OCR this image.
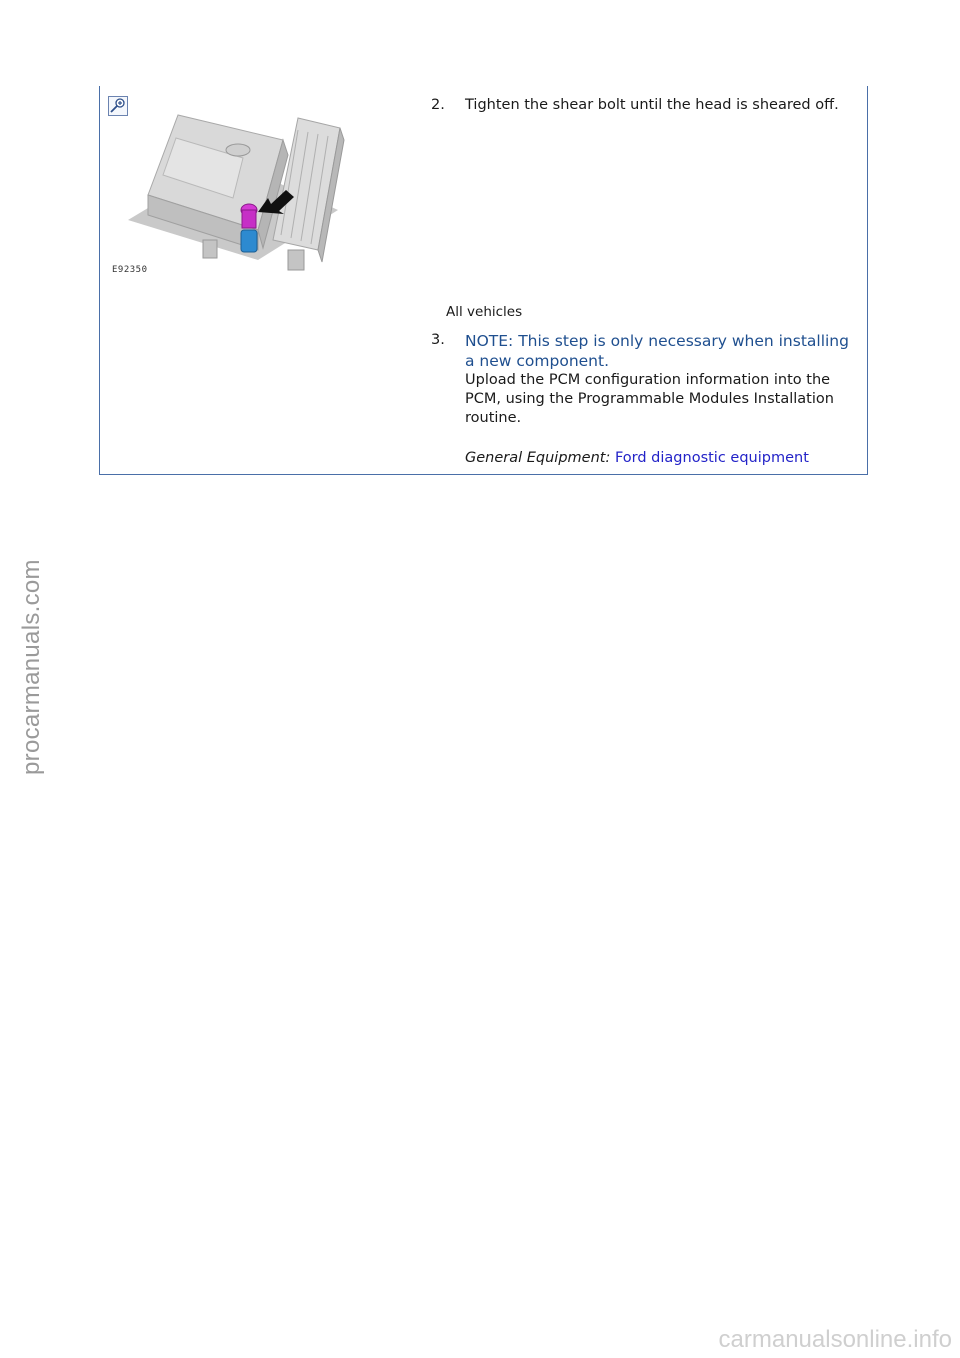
procarmanuals.com
E92350
2. Tighten the shear bolt until the head is sheared off.
All vehicles
3. NOTE: This step is only necessary when installing a new component.
Upload the PCM configuration information into the PCM, using the Programmable Modules Installation routine.
General Equipment: Ford diagnostic equipment
carmanualsonline.info
